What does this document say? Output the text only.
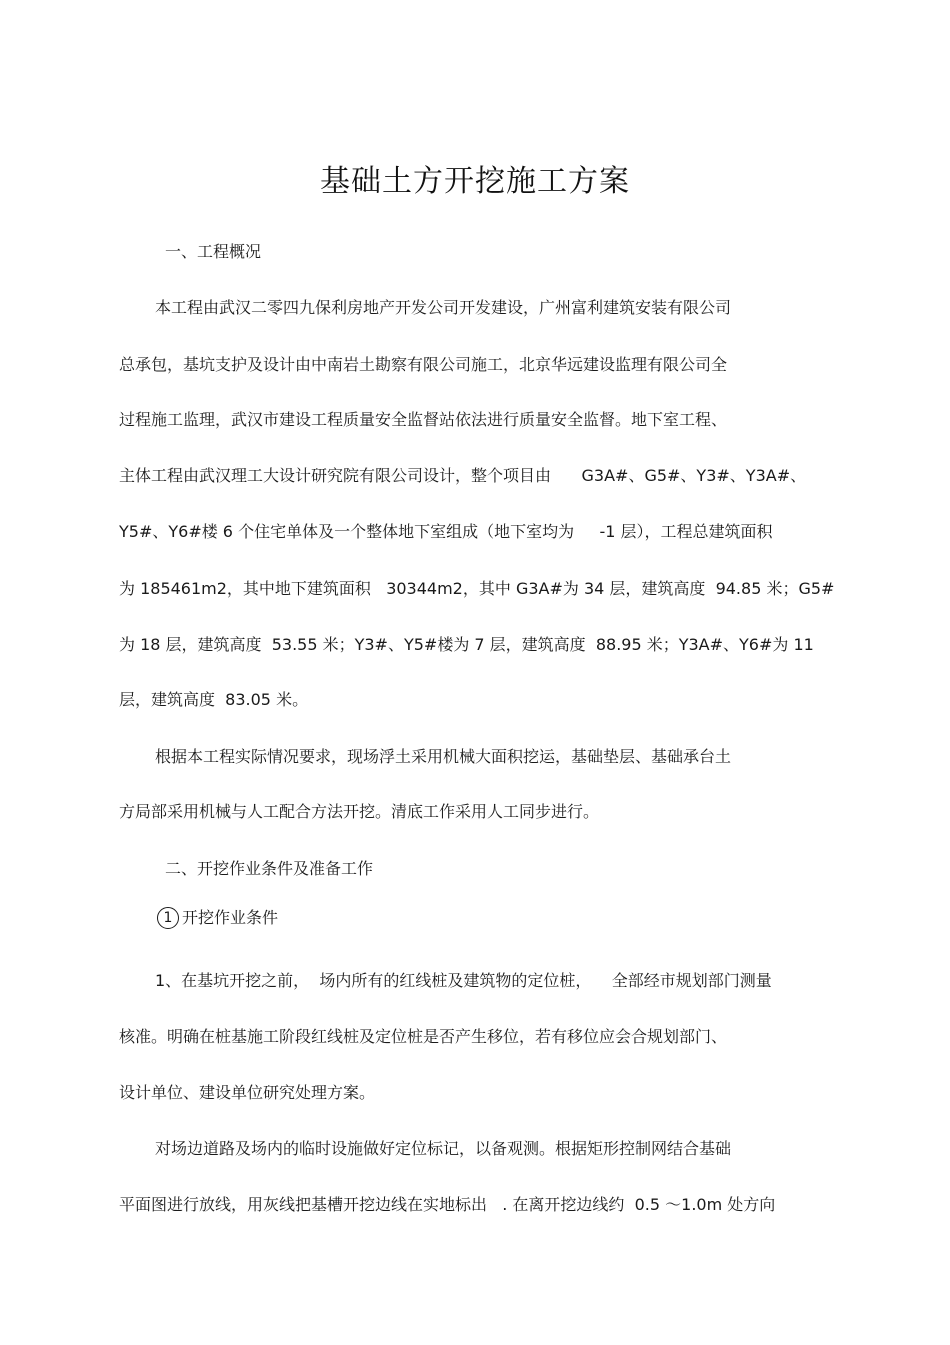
基础土方开挖施工方案
一、工程概况
本工程由武汉二零四九保利房地产开发公司开发建设，广州富利建筑安装有限公司
总承包，基坑支护及设计由中南岩土勘察有限公司施工，北京华远建设监理有限公司全
过程施工监理，武汉市建设工程质量安全监督站依法进行质量安全监督。地下室工程、
主体工程由武汉理工大设计研究院有限公司设计，整个项目由      G3A#、G5#、Y3#、Y3A#、
Y5#、Y6#楼 6 个住宅单体及一个整体地下室组成（地下室均为     -1 层），工程总建筑面积
为 185461m2，其中地下建筑面积   30344m2，其中 G3A#为 34 层，建筑高度  94.85 米；G5#
为 18 层，建筑高度  53.55 米；Y3#、Y5#楼为 7 层，建筑高度  88.95 米；Y3A#、Y6#为 11
层，建筑高度  83.05 米。
根据本工程实际情况要求，现场浮土采用机械大面积挖运，基础垫层、基础承台土
方局部采用机械与人工配合方法开挖。清底工作采用人工同步进行。
二、开挖作业条件及准备工作
1 开挖作业条件
1、在基坑开挖之前，  场内所有的红线桩及建筑物的定位桩，    全部经市规划部门测量
核准。明确在桩基施工阶段红线桩及定位桩是否产生移位，若有移位应会合规划部门、
设计单位、建设单位研究处理方案。
对场边道路及场内的临时设施做好定位标记，以备观测。根据矩形控制网结合基础
平面图进行放线，用灰线把基槽开挖边线在实地标出   . 在离开挖边线约  0.5 ～1.0m 处方向
